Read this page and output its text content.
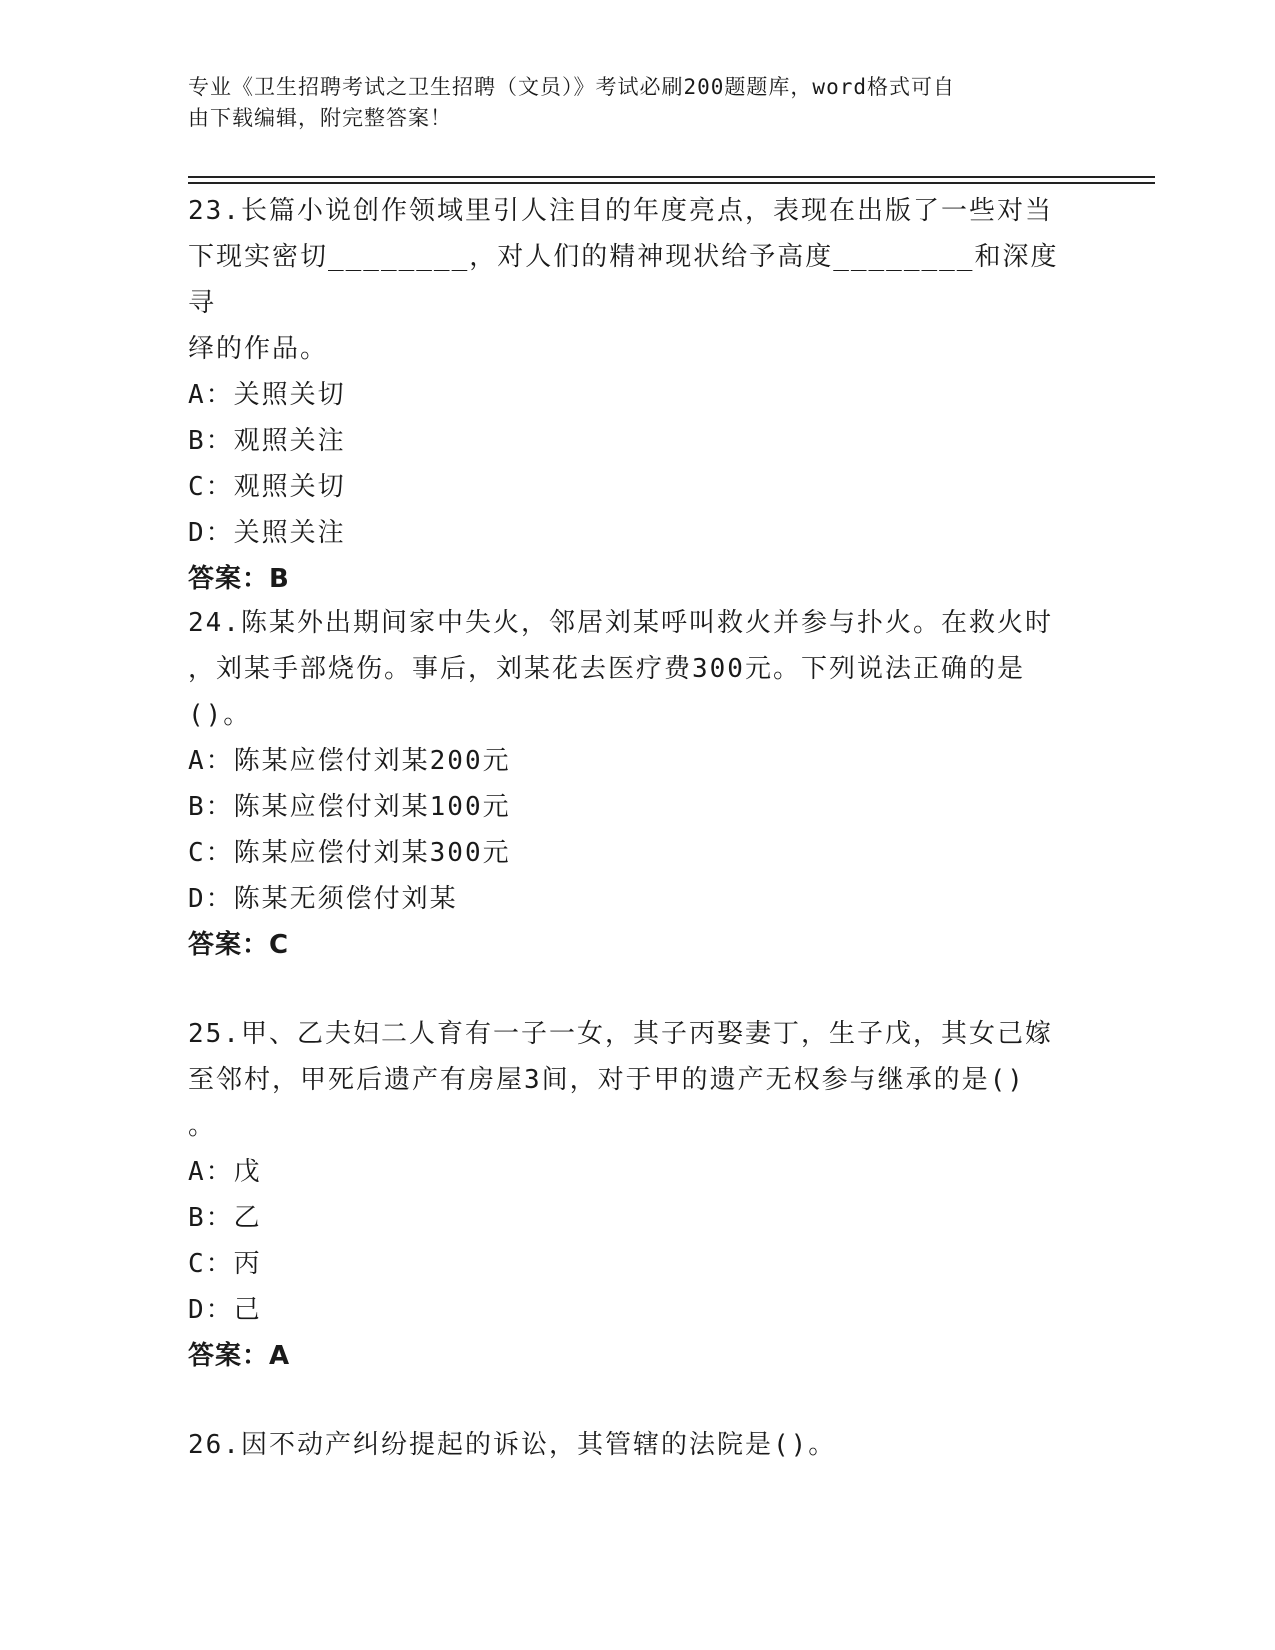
专业《卫生招聘考试之卫生招聘（文员）》考试必刷200题题库，word格式可自
由下载编辑，附完整答案！

23.长篇小说创作领域里引人注目的年度亮点，表现在出版了一些对当

下现实密切________，对人们的精神现状给予高度________和深度寻

绎的作品。

A：关照关切

B：观照关注

C：观照关切

D：关照关注

答案：B

24.陈某外出期间家中失火，邻居刘某呼叫救火并参与扑火。在救火时

，刘某手部烧伤。事后，刘某花去医疗费300元。下列说法正确的是

()。

A：陈某应偿付刘某200元

B：陈某应偿付刘某100元

C：陈某应偿付刘某300元

D：陈某无须偿付刘某

答案：C

25.甲、乙夫妇二人育有一子一女，其子丙娶妻丁，生子戊，其女己嫁

至邻村，甲死后遗产有房屋3间，对于甲的遗产无权参与继承的是()

。

A：戊

B：乙

C：丙

D：己

答案：A

26.因不动产纠纷提起的诉讼，其管辖的法院是()。
